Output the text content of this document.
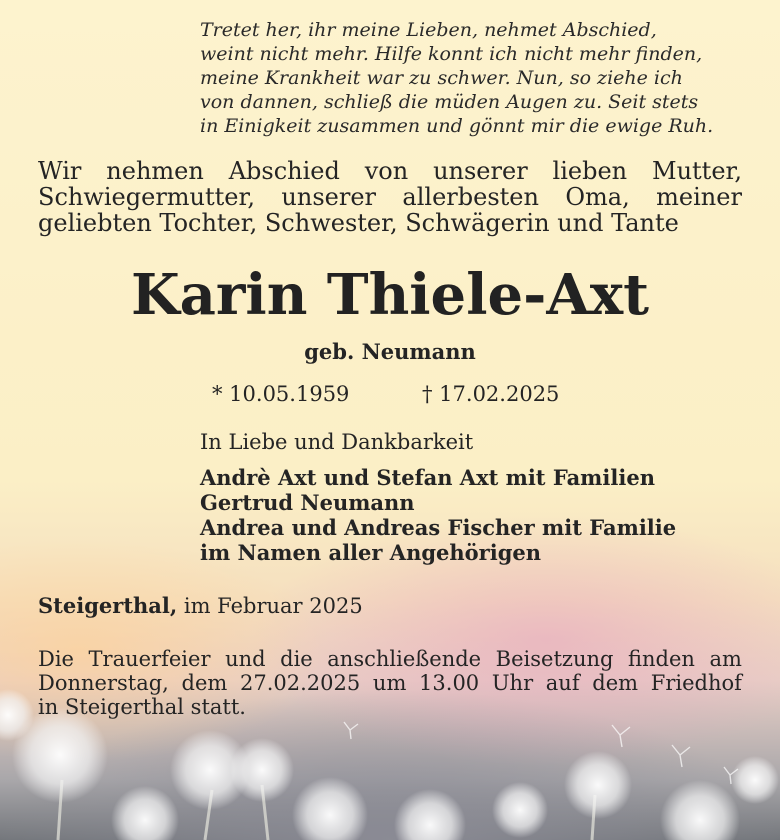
Tretet her, ihr meine Lieben, nehmet Abschied,
weint nicht mehr. Hilfe konnt ich nicht mehr finden,
meine Krankheit war zu schwer. Nun, so ziehe ich
von dannen, schließ die müden Augen zu. Seit stets
in Einigkeit zusammen und gönnt mir die ewige Ruh.
Wir nehmen Abschied von unserer lieben Mutter,
Schwiegermutter, unserer allerbesten Oma, meiner
geliebten Tochter, Schwester, Schwägerin und Tante
Karin Thiele-Axt
geb. Neumann
* 10.05.1959	† 17.02.2025
In Liebe und Dankbarkeit
Andrè Axt und Stefan Axt mit Familien
Gertrud Neumann
Andrea und Andreas Fischer mit Familie
im Namen aller Angehörigen
Steigerthal, im Februar 2025
Die Trauerfeier und die anschließende Beisetzung finden am
Donnerstag, dem 27.02.2025 um 13.00 Uhr auf dem Friedhof
in Steigerthal statt.
